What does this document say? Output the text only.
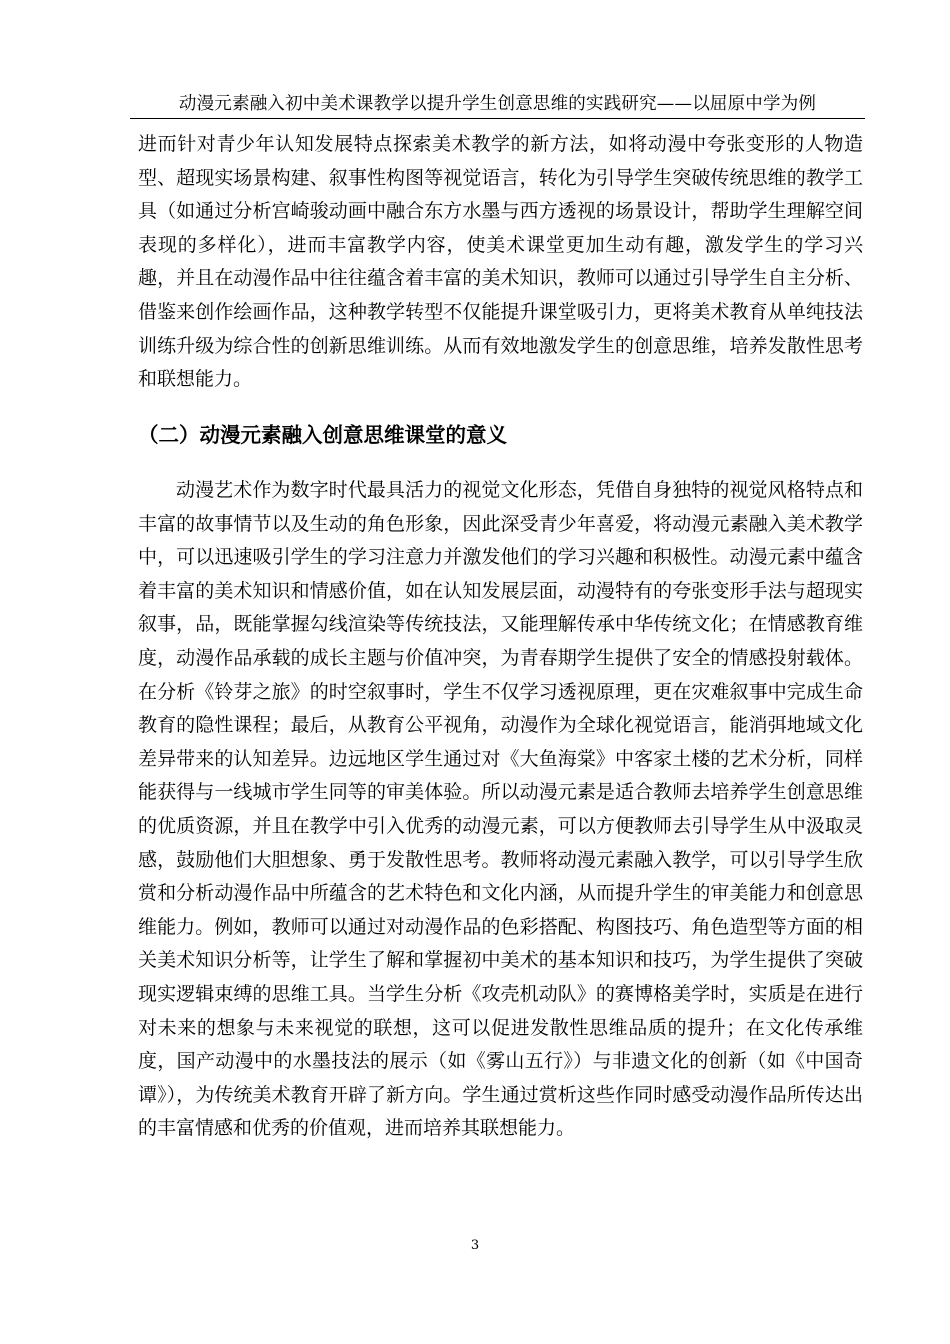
动漫元素融入初中美术课教学以提升学生创意思维的实践研究——以屈原中学为例

进而针对青少年认知发展特点探索美术教学的新方法，如将动漫中夸张变形的人物造型、超现实场景构建、叙事性构图等视觉语言，转化为引导学生突破传统思维的教学工具（如通过分析宫崎骏动画中融合东方水墨与西方透视的场景设计，帮助学生理解空间表现的多样化），进而丰富教学内容，使美术课堂更加生动有趣，激发学生的学习兴趣，并且在动漫作品中往往蕴含着丰富的美术知识，教师可以通过引导学生自主分析、借鉴来创作绘画作品，这种教学转型不仅能提升课堂吸引力，更将美术教育从单纯技法训练升级为综合性的创新思维训练。从而有效地激发学生的创意思维，培养发散性思考和联想能力。

（二）动漫元素融入创意思维课堂的意义

动漫艺术作为数字时代最具活力的视觉文化形态，凭借自身独特的视觉风格特点和丰富的故事情节以及生动的角色形象，因此深受青少年喜爱，将动漫元素融入美术教学中，可以迅速吸引学生的学习注意力并激发他们的学习兴趣和积极性。动漫元素中蕴含着丰富的美术知识和情感价值，如在认知发展层面，动漫特有的夸张变形手法与超现实叙事，品，既能掌握勾线渲染等传统技法，又能理解传承中华传统文化；在情感教育维度，动漫作品承载的成长主题与价值冲突，为青春期学生提供了安全的情感投射载体。在分析《铃芽之旅》的时空叙事时，学生不仅学习透视原理，更在灾难叙事中完成生命教育的隐性课程；最后，从教育公平视角，动漫作为全球化视觉语言，能消弭地域文化差异带来的认知差异。边远地区学生通过对《大鱼海棠》中客家土楼的艺术分析，同样能获得与一线城市学生同等的审美体验。所以动漫元素是适合教师去培养学生创意思维的优质资源，并且在教学中引入优秀的动漫元素，可以方便教师去引导学生从中汲取灵感，鼓励他们大胆想象、勇于发散性思考。教师将动漫元素融入教学，可以引导学生欣赏和分析动漫作品中所蕴含的艺术特色和文化内涵，从而提升学生的审美能力和创意思维能力。例如，教师可以通过对动漫作品的色彩搭配、构图技巧、角色造型等方面的相关美术知识分析等，让学生了解和掌握初中美术的基本知识和技巧，为学生提供了突破现实逻辑束缚的思维工具。当学生分析《攻壳机动队》的赛博格美学时，实质是在进行对未来的想象与未来视觉的联想，这可以促进发散性思维品质的提升；在文化传承维度，国产动漫中的水墨技法的展示（如《雾山五行》）与非遗文化的创新（如《中国奇谭》），为传统美术教育开辟了新方向。学生通过赏析这些作同时感受动漫作品所传达出的丰富情感和优秀的价值观，进而培养其联想能力。

3
